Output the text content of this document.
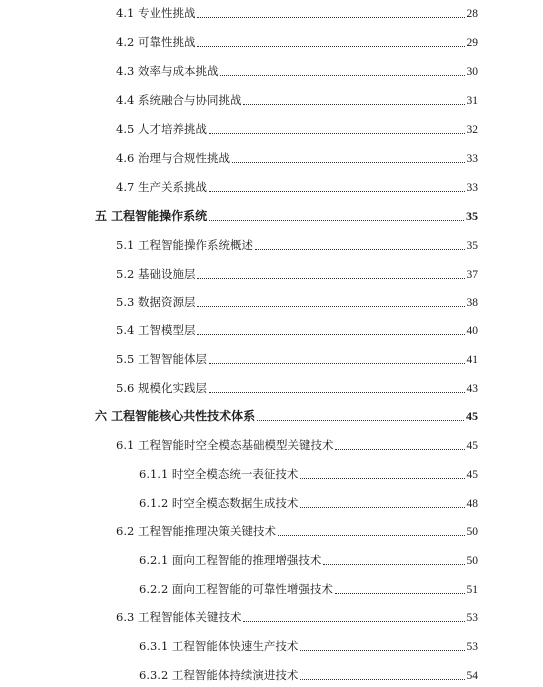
4.1 专业性挑战	28
4.2 可靠性挑战	29
4.3 效率与成本挑战	30
4.4 系统融合与协同挑战	31
4.5 人才培养挑战	32
4.6 治理与合规性挑战	33
4.7 生产关系挑战	33
五 工程智能操作系统	35
5.1 工程智能操作系统概述	35
5.2 基础设施层	37
5.3 数据资源层	38
5.4 工智模型层	40
5.5 工智智能体层	41
5.6 规模化实践层	43
六 工程智能核心共性技术体系	45
6.1 工程智能时空全模态基础模型关键技术	45
6.1.1 时空全模态统一表征技术	45
6.1.2 时空全模态数据生成技术	48
6.2 工程智能推理决策关键技术	50
6.2.1 面向工程智能的推理增强技术	50
6.2.2 面向工程智能的可靠性增强技术	51
6.3 工程智能体关键技术	53
6.3.1 工程智能体快速生产技术	53
6.3.2 工程智能体持续演进技术	54
